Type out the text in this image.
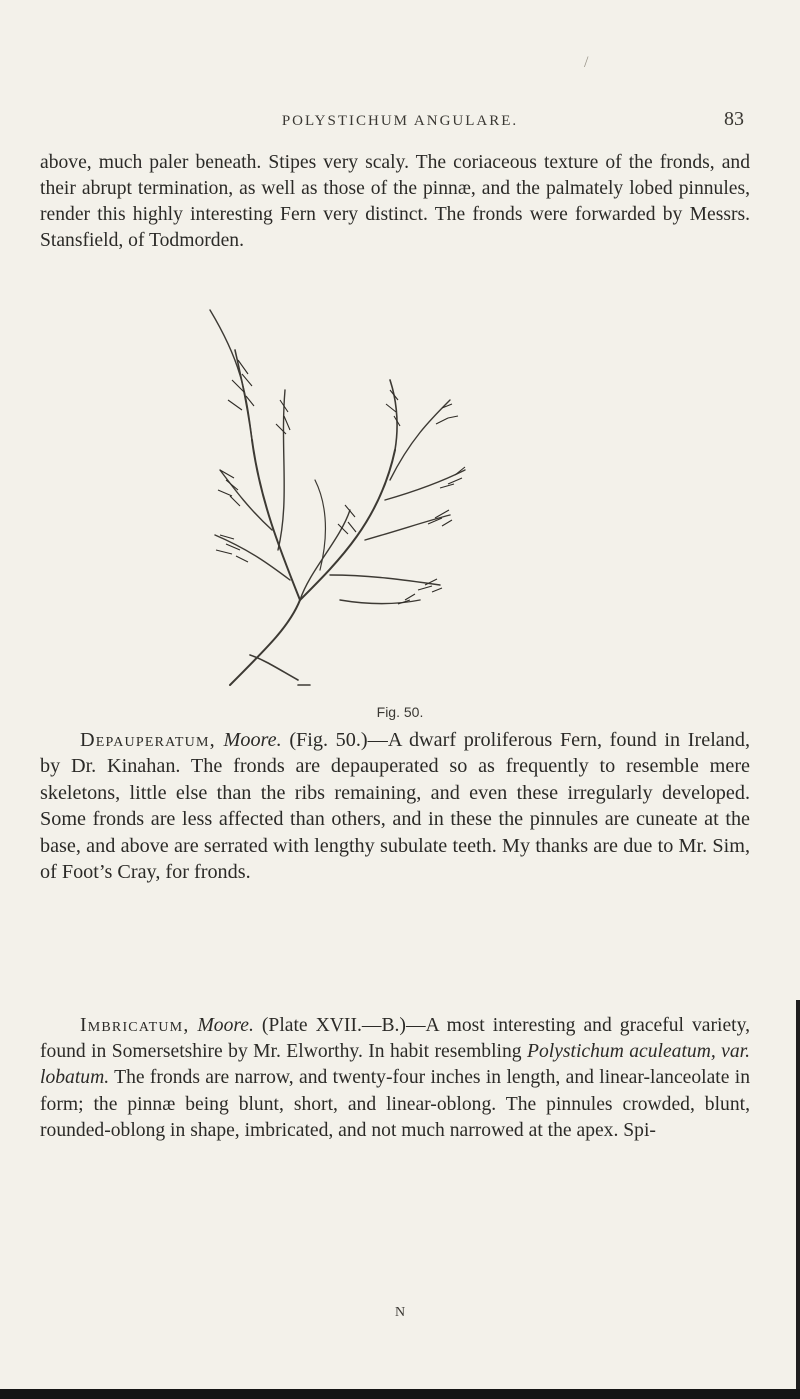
/
POLYSTICHUM ANGULARE.	83

above, much paler beneath. Stipes very scaly. The coriaceous texture of the fronds, and their abrupt termination, as well as those of the pinnæ, and the palmately lobed pinnules, render this highly interesting Fern very distinct. The fronds were forwarded by Messrs. Stansfield, of Todmorden.

Fig. 50.

Depauperatum, Moore. (Fig. 50.)—A dwarf proliferous Fern, found in Ireland, by Dr. Kinahan. The fronds are depauperated so as frequently to resemble mere skeletons, little else than the ribs remaining, and even these irregularly developed. Some fronds are less affected than others, and in these the pinnules are cuneate at the base, and above are serrated with lengthy subulate teeth. My thanks are due to Mr. Sim, of Foot’s Cray, for fronds.

Imbricatum, Moore. (Plate XVII.—B.)—A most interesting and graceful variety, found in Somersetshire by Mr. Elworthy. In habit resembling Polystichum aculeatum, var. lobatum. The fronds are narrow, and twenty-four inches in length, and linear-lanceolate in form; the pinnæ being blunt, short, and linear-oblong. The pinnules crowded, blunt, rounded-oblong in shape, imbricated, and not much narrowed at the apex. Spi-

N
